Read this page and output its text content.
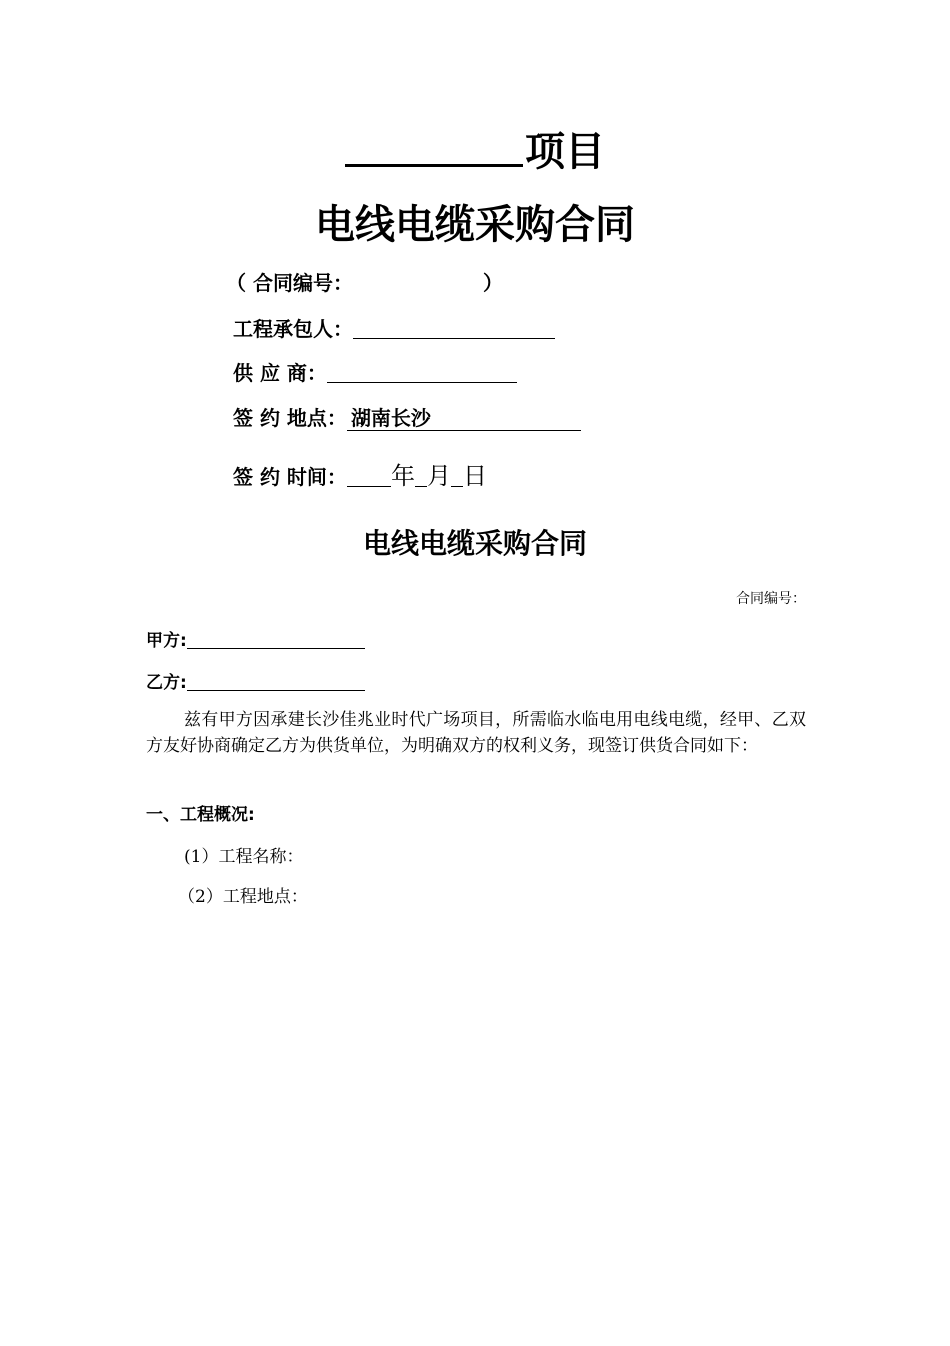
项目
电线电缆采购合同
（ 合同编号：	）
工程承包人：
供 应 商：
签 约 地点： 湖南长沙
签 约 时间： 年 月 日
电线电缆采购合同
合同编号：
甲方:
乙方:
兹有甲方因承建长沙佳兆业时代广场项目，所需临水临电用电线电缆，经甲、乙双方友好协商确定乙方为供货单位，为明确双方的权利义务，现签订供货合同如下：
一、工程概况:
(1）工程名称：
（2）工程地点：
